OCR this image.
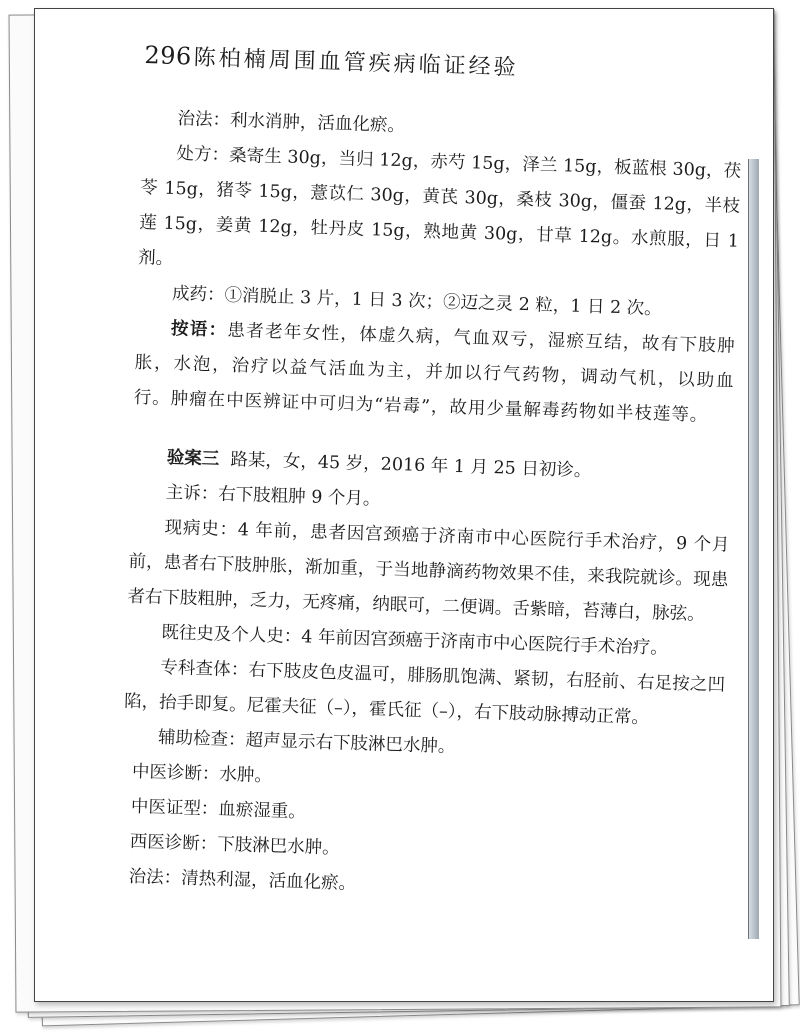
296 陈柏楠周围血管疾病临证经验

治法：利水消肿，活血化瘀。

处方：桑寄生 30g，当归 12g，赤芍 15g，泽兰 15g，板蓝根 30g，茯苓 15g，猪苓 15g，薏苡仁 30g，黄芪 30g，桑枝 30g，僵蚕 12g，半枝莲 15g，姜黄 12g，牡丹皮 15g，熟地黄 30g，甘草 12g。水煎服，日 1 剂。

成药：①消脱止 3 片，1 日 3 次；②迈之灵 2 粒，1 日 2 次。

按语：患者老年女性，体虚久病，气血双亏，湿瘀互结，故有下肢肿胀，水泡，治疗以益气活血为主，并加以行气药物，调动气机，以助血行。肿瘤在中医辨证中可归为“岩毒”，故用少量解毒药物如半枝莲等。

验案三 路某，女，45 岁，2016 年 1 月 25 日初诊。

主诉：右下肢粗肿 9 个月。

现病史：4 年前，患者因宫颈癌于济南市中心医院行手术治疗，9 个月前，患者右下肢肿胀，渐加重，于当地静滴药物效果不佳，来我院就诊。现患者右下肢粗肿，乏力，无疼痛，纳眠可，二便调。舌紫暗，苔薄白，脉弦。

既往史及个人史：4 年前因宫颈癌于济南市中心医院行手术治疗。

专科查体：右下肢皮色皮温可，腓肠肌饱满、紧韧，右胫前、右足按之凹陷，抬手即复。尼霍夫征（–），霍氏征（–），右下肢动脉搏动正常。

辅助检查：超声显示右下肢淋巴水肿。

中医诊断：水肿。

中医证型：血瘀湿重。

西医诊断：下肢淋巴水肿。

治法：清热利湿，活血化瘀。
